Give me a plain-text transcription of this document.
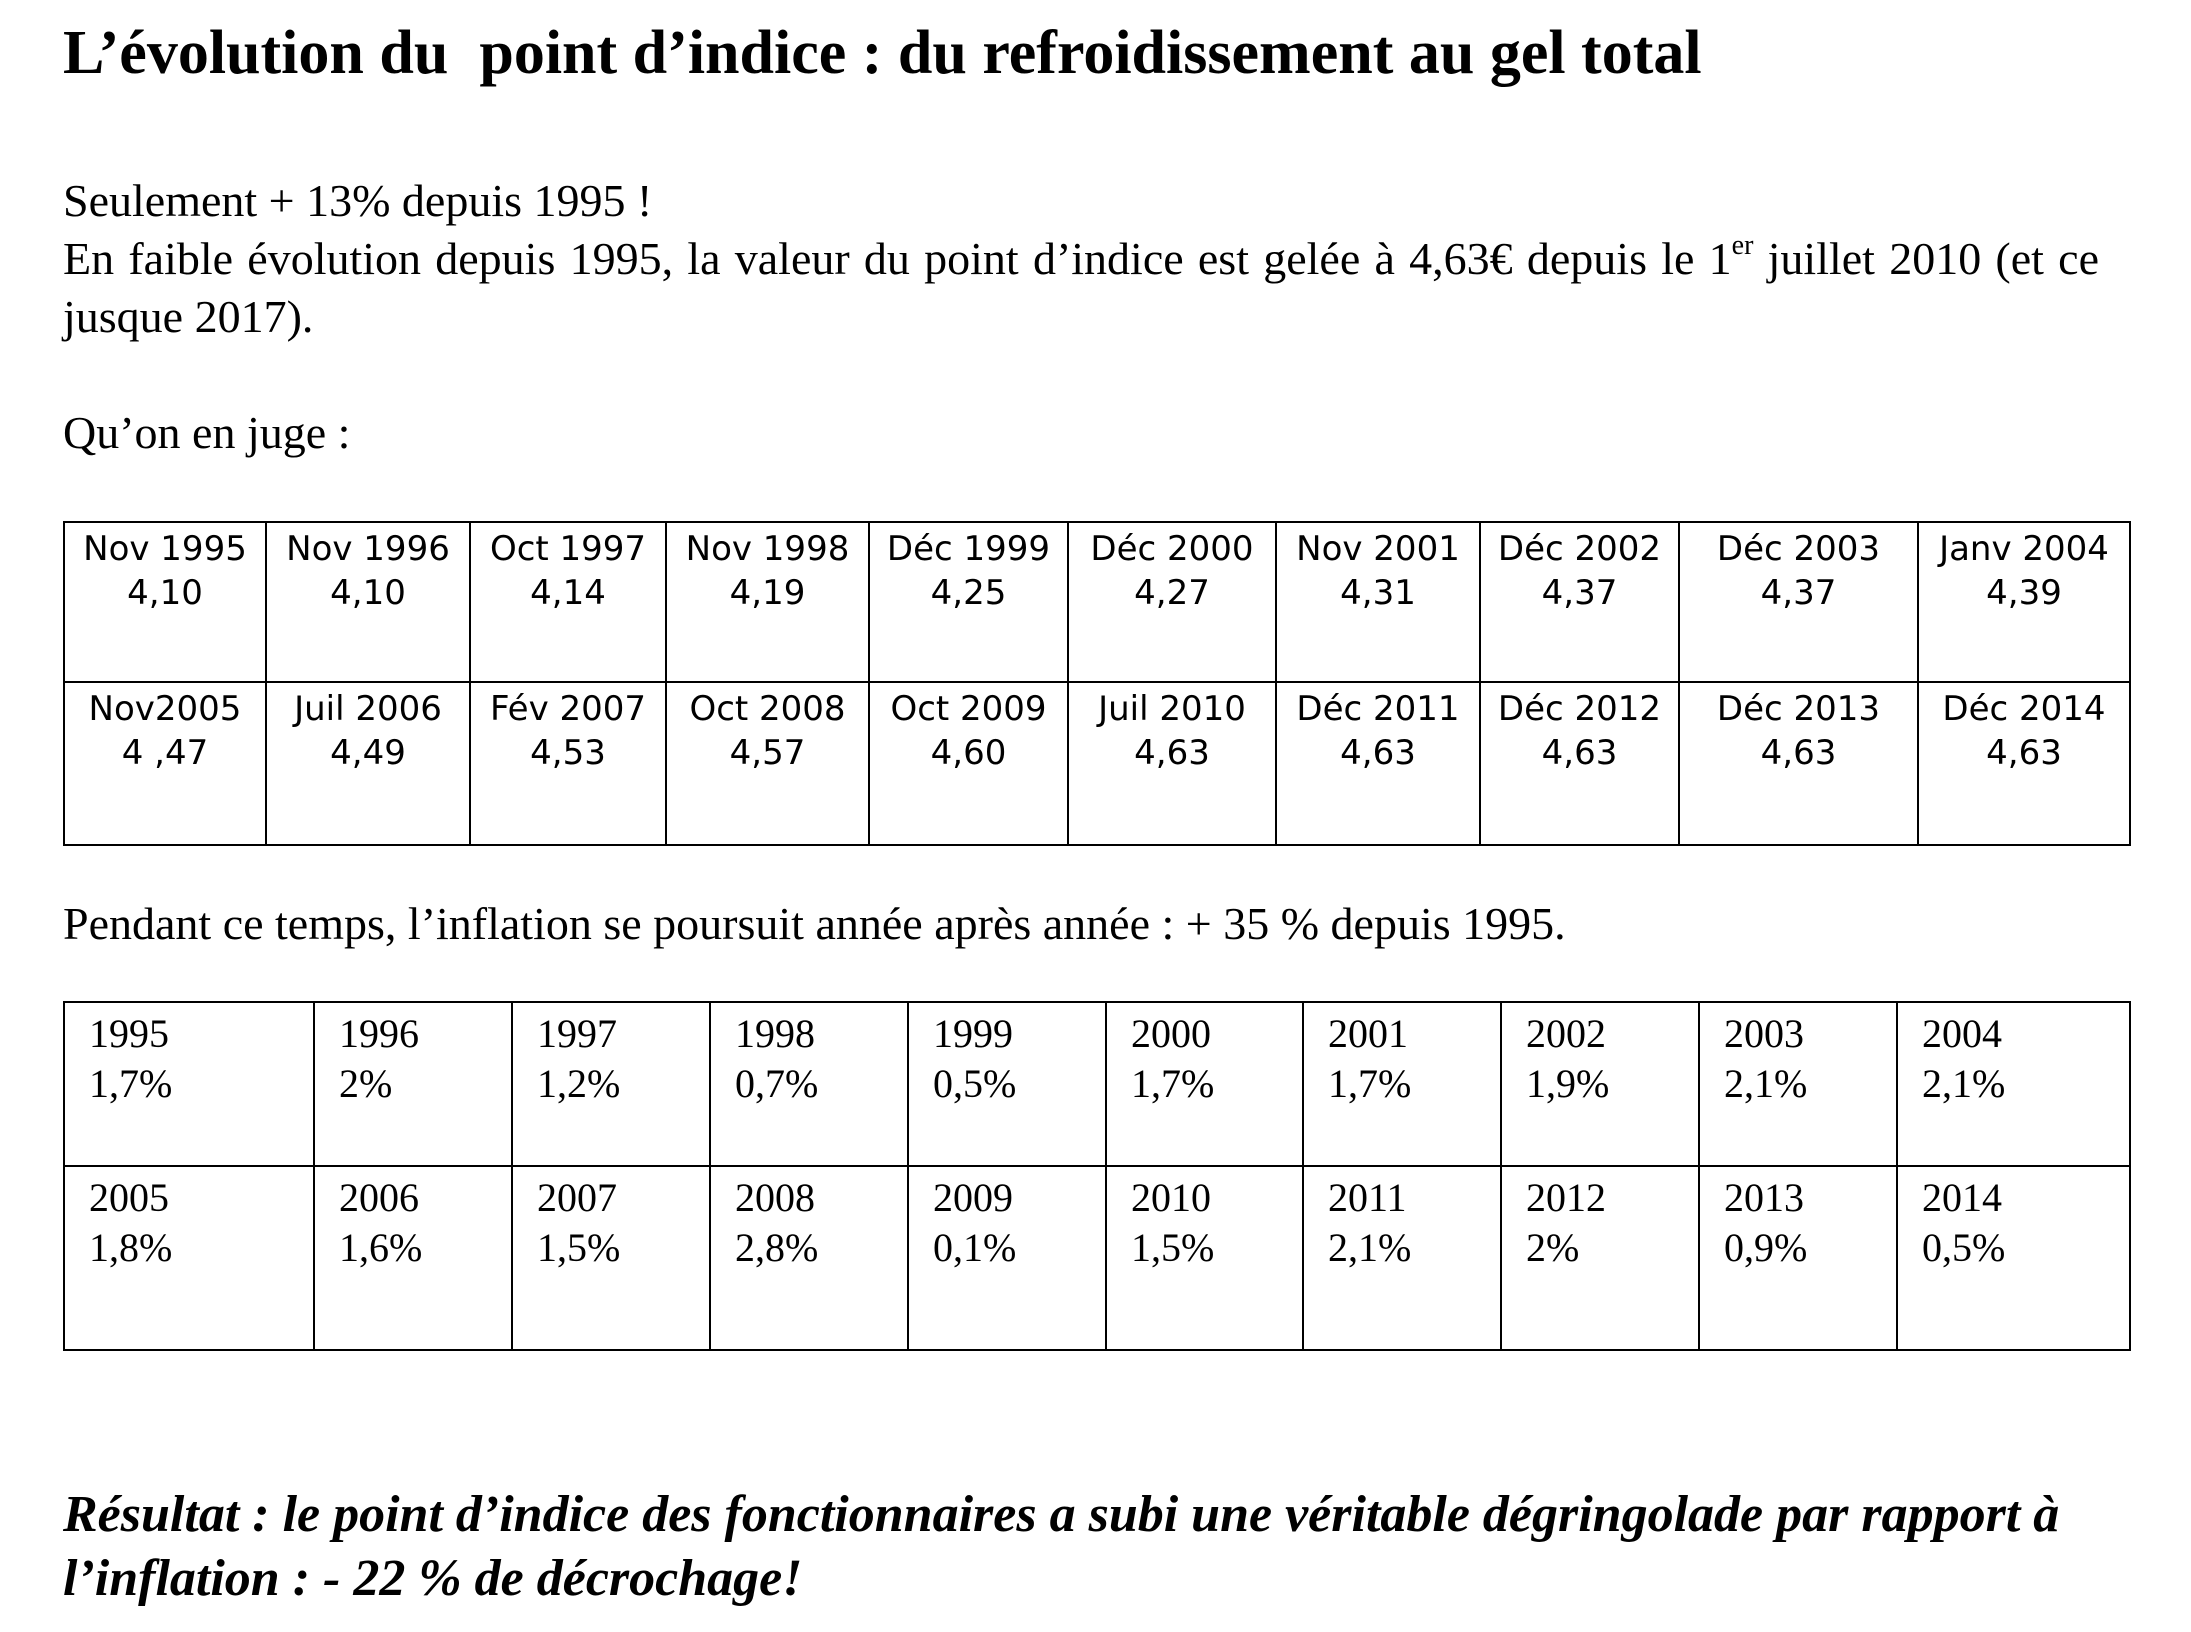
L’évolution du  point d’indice : du refroidissement au gel total

Seulement + 13% depuis 1995 !

En faible évolution depuis 1995, la valeur du point d’indice est gelée à 4,63€ depuis le 1er juillet 2010 (et ce jusque 2017).

Qu’on en juge :

Nov 1995
4,10	Nov 1996
4,10	Oct 1997
4,14	Nov 1998
4,19	Déc 1999
4,25	Déc 2000
4,27	Nov 2001
4,31	Déc 2002
4,37	Déc 2003
4,37	Janv 2004
4,39

Nov2005
4 ,47	Juil 2006
4,49	Fév 2007
4,53	Oct 2008
4,57	Oct 2009
4,60	Juil 2010
4,63	Déc 2011
4,63	Déc 2012
4,63	Déc 2013
4,63	Déc 2014
4,63

Pendant ce temps, l’inflation se poursuit année après année : + 35 % depuis 1995.

1995
1,7%	1996
2%	1997
1,2%	1998
0,7%	1999
0,5%	2000
1,7%	2001
1,7%	2002
1,9%	2003
2,1%	2004
2,1%

2005
1,8%	2006
1,6%	2007
1,5%	2008
2,8%	2009
0,1%	2010
1,5%	2011
2,1%	2012
2%	2013
0,9%	2014
0,5%

Résultat : le point d’indice des fonctionnaires a subi une véritable dégringolade par rapport à l’inflation : - 22 % de décrochage!
